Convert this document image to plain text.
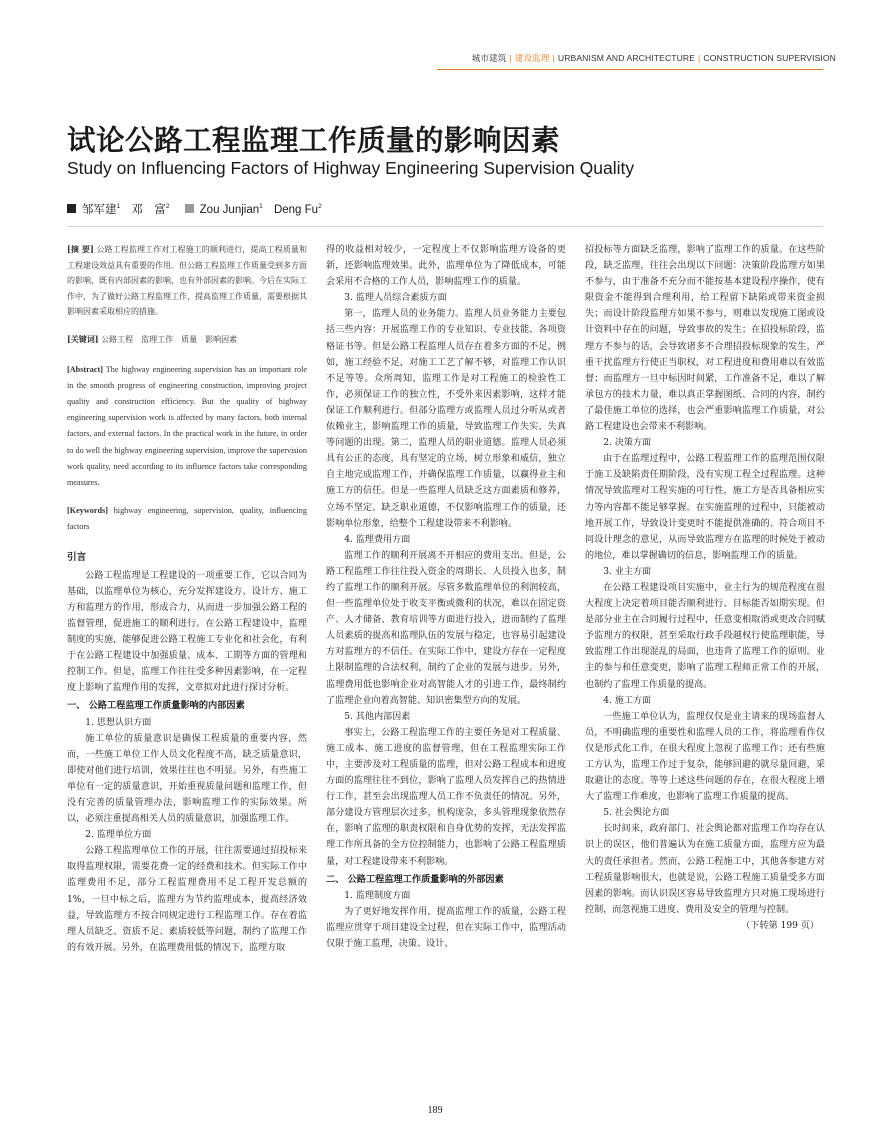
城市建筑 | 建设监理 | URBANISM AND ARCHITECTURE | CONSTRUCTION SUPERVISION
试论公路工程监理工作质量的影响因素
Study on Influencing Factors of Highway Engineering Supervision Quality
邹军建$^1$ 邓　富$^2$	Zou Junjian$^1$ Deng Fu$^2$
[摘 要] 公路工程监理工作对工程施工的顺利进行，提高工程质量和工程建设效益具有重要的作用。但公路工程监理工作质量受到多方面的影响，既有内部因素的影响，也有外部因素的影响。今后在实际工作中，为了做好公路工程监理工作，提高监理工作质量，需要根据其影响因素采取相应的措施。
[关键词] 公路工程　监理工作　质量　影响因素
[Abstract] The highway engineering supervision has an important role in the smooth progress of engineering construction, improving project quality and construction efficiency. But the quality of highway engineering supervision work is affected by many factors, both internal factors, and external factors. In the practical work in the future, in order to do well the highway engineering supervision, improve the supervision work quality, need according to its influence factors take corresponding measures.
[Keywords] highway engineering, supervision, quality, influencing factors
引言

公路工程监理是工程建设的一项重要工作，它以合同为基础，以监理单位为核心，充分发挥建设方、设计方、施工方和监理方的作用，形成合力，从而进一步加强公路工程的监督管理，促进施工的顺利进行。在公路工程建设中，监理制度的实施，能够促进公路工程施工专业化和社会化，有利于在公路工程建设中加强质量、成本、工期等方面的管理和控制工作。但是，监理工作往往受多种因素影响，在一定程度上影响了监理作用的发挥，文章拟对此进行探讨分析。

一、 公路工程监理工作质量影响的内部因素

1. 思想认识方面

施工单位的质量意识是确保工程质量的重要内容，然而，一些施工单位工作人员文化程度不高，缺乏质量意识，即使对他们进行培训，效果往往也不明显。另外，有些施工单位有一定的质量意识，开始重视质量问题和监理工作，但没有完善的质量管理办法，影响监理工作的实际效果。所以，必须注重提高相关人员的质量意识，加强监理工作。

2. 监理单位方面

公路工程监理单位工作的开展，往往需要通过招投标来取得监理权限，需要花费一定的经费和技术。但实际工作中监理费用不足，部分工程监理费用不足工程开发总额的 1%，一旦中标之后，监理方为节约监理成本，提高经济效益，导致监理方不按合同规定进行工程监理工作。存在着监理人员缺乏、资质不足、素质较低等问题，制约了监理工作的有效开展。另外，在监理费用低的情况下，监理方取

得的收益相对较少，一定程度上不仅影响监理方设备的更新，还影响监理效果。此外，监理单位为了降低成本，可能会采用不合格的工作人员，影响监理工作的质量。

3. 监理人员综合素质方面

第一，监理人员的业务能力。监理人员业务能力主要包括三些内容：开展监理工作的专业知识、专业技能、各项资格证书等。但是公路工程监理人员存在着多方面的不足，例如，施工经验不足，对施工工艺了解不够，对监理工作认识不足等等。众所周知，监理工作是对工程施工的检验性工作，必须保证工作的独立性，不受外来因素影响，这样才能保证工作顺利进行。但部分监理方或监理人员过分听从或者依赖业主，影响监理工作的质量，导致监理工作失实、失真等问题的出现。第二，监理人员的职业道德。监理人员必须具有公正的态度，具有坚定的立场，树立形象和威信，独立自主地完成监理工作，并确保监理工作质量，以赢得业主和施工方的信任。但是一些监理人员缺乏这方面素质和修养，立场不坚定、缺乏职业道德，不仅影响监理工作的质量，还影响单位形象，给整个工程建设带来不利影响。

4. 监理费用方面

监理工作的顺利开展离不开相应的费用支出。但是，公路工程监理工作往往投入资金的周期长、人员投入也多，制约了监理工作的顺利开展。尽管多数监理单位的利润较高，但一些监理单位处于收支平衡或微利的状况，难以在固定资产、人才储备、教育培训等方面进行投入，进而制约了监理人员素质的提高和监理队伍的发展与稳定，也容易引起建设方对监理方的不信任。在实际工作中，建设方存在一定程度上限制监理的合法权利，制约了企业的发展与进步。另外，监理费用低也影响企业对高智能人才的引进工作，最终制约了监理企业向着高智能、知识密集型方向的发展。

5. 其他内部因素

事实上，公路工程监理工作的主要任务是对工程质量、施工成本、施工进度的监督管理，但在工程监理实际工作中，主要涉及对工程质量的监理，但对公路工程成本和进度方面的监理往往不到位，影响了监理人员发挥自己的热情进行工作，甚至会出现监理人员工作不负责任的情况。另外，部分建设方管理层次过多，机构庞杂，多头管理现象依然存在，影响了监理的职责权限和自身优势的发挥，无法发挥监理工作所具备的全方位控制能力，也影响了公路工程监理质量，对工程建设带来不利影响。

二、 公路工程监理工作质量影响的外部因素

1. 监理制度方面

为了更好地发挥作用，提高监理工作的质量，公路工程监理应贯穿于项目建设全过程，但在实际工作中，监理活动仅限于施工监理，决策、设计、

招投标等方面缺乏监理，影响了监理工作的质量。在这些阶段，缺乏监理，往往会出现以下问题：决策阶段监理方如果不参与，由于准备不充分而不能按基本建设程序操作，使有限资金不能得到合理利用，给工程留下缺陷或带来资金损失；而设计阶段监理方如果不参与，则难以发现施工图或设计资料中存在的问题，导致事故的发生；在招投标阶段，监理方不参与的话，会导致诸多不合理招投标现象的发生，严重干扰监理方行使正当职权，对工程进度和费用难以有效监督；而监理方一旦中标因时间紧，工作准备不足，难以了解承包方的技术力量，难以真正掌握图纸、合同的内容，制约了最佳施工单位的选择，也会严重影响监理工作质量，对公路工程建设也会带来不利影响。

2. 决策方面

由于在监理过程中，公路工程监理工作的监理范围仅限于施工及缺陷责任期阶段，没有实现工程全过程监理。这种情况导致监理对工程实施的可行性，施工方是否具备相应实力等内容都不能足够掌握。在实施监理的过程中，只能被动地开展工作，导致设计变更时不能提供准确的、符合项目不同设计理念的意见，从而导致监理方在监理的时候处于被动的地位，难以掌握确切的信息，影响监理工作的质量。

3. 业主方面

在公路工程建设项目实施中，业主行为的规范程度在很大程度上决定着项目能否顺利进行、目标能否如期实现。但是部分业主在合同履行过程中，任意变相取消或更改合同赋予监理方的权限，甚至采取行政手段越权行使监理职能，导致监理工作出现混乱的局面，也违背了监理工作的原则。业主的参与和任意变更，影响了监理工程师正常工作的开展，也制约了监理工作质量的提高。

4. 施工方面

一些施工单位认为，监理仅仅是业主请来的现场监督人员，不明确监理的重要性和监理人员的工作，将监理看作仅仅是形式化工作，在很大程度上忽视了监理工作；还有些施工方认为，监理工作过于复杂，能够回避的就尽量回避，采取避让的态度。等等上述这些问题的存在，在很大程度上增大了监理工作难度，也影响了监理工作质量的提高。

5. 社会舆论方面

长时间来，政府部门、社会舆论都对监理工作均存在认识上的误区，他们普遍认为在施工质量方面，监理方应为最大的责任承担者。然而，公路工程施工中，其他各参建方对工程质量影响很大，也就是说，公路工程施工质量受多方面因素的影响。而认识误区容易导致监理方只对施工现场进行控制，而忽视施工进度、费用及安全的管理与控制。

（下转第 199 页）

189
